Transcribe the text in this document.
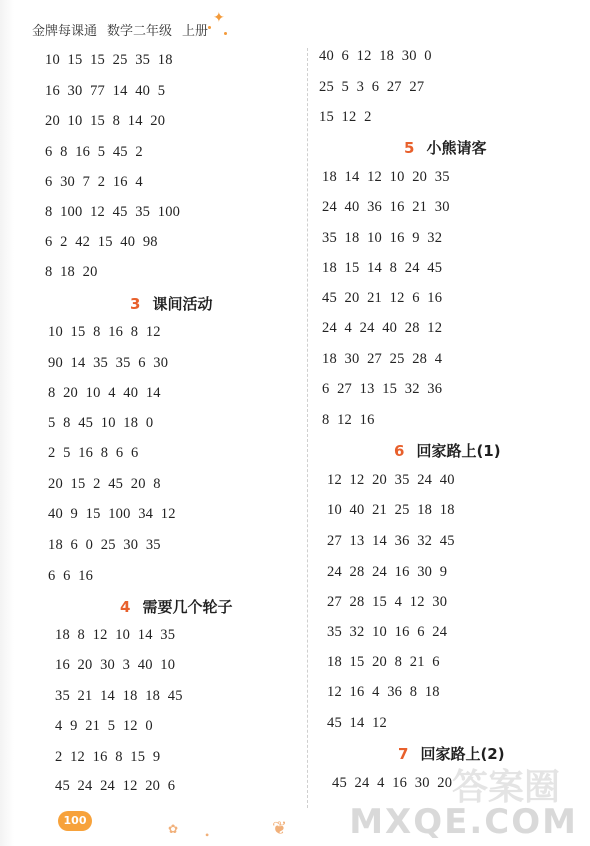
金牌每课通 数学二年级 上册
✦
10  15  15  25  35  18
16  30  77  14  40  5
20  10  15  8  14  20
6  8  16  5  45  2
6  30  7  2  16  4
8  100  12  45  35  100
6  2  42  15  40  98
8  18  20
3 课间活动
10  15  8  16  8  12
90  14  35  35  6  30
8  20  10  4  40  14
5  8  45  10  18  0
2  5  16  8  6  6
20  15  2  45  20  8
40  9  15  100  34  12
18  6  0  25  30  35
6  6  16
4 需要几个轮子
18  8  12  10  14  35
16  20  30  3  40  10
35  21  14  18  18  45
4  9  21  5  12  0
2  12  16  8  15  9
45  24  24  12  20  6
40  6  12  18  30  0
25  5  3  6  27  27
15  12  2
5 小熊请客
18  14  12  10  20  35
24  40  36  16  21  30
35  18  10  16  9  32
18  15  14  8  24  45
45  20  21  12  6  16
24  4  24  40  28  12
18  30  27  25  28  4
6  27  13  15  32  36
8  12  16
6 回家路上(1)
12  12  20  35  24  40
10  40  21  25  18  18
27  13  14  36  32  45
24  28  24  16  30  9
27  28  15  4  12  30
35  32  10  16  6  24
18  15  20  8  21  6
12  16  4  36  8  18
45  14  12
7 回家路上(2)
45  24  4  16  30  20
100
✿ •	❦
答案圈
MXQE.COM
